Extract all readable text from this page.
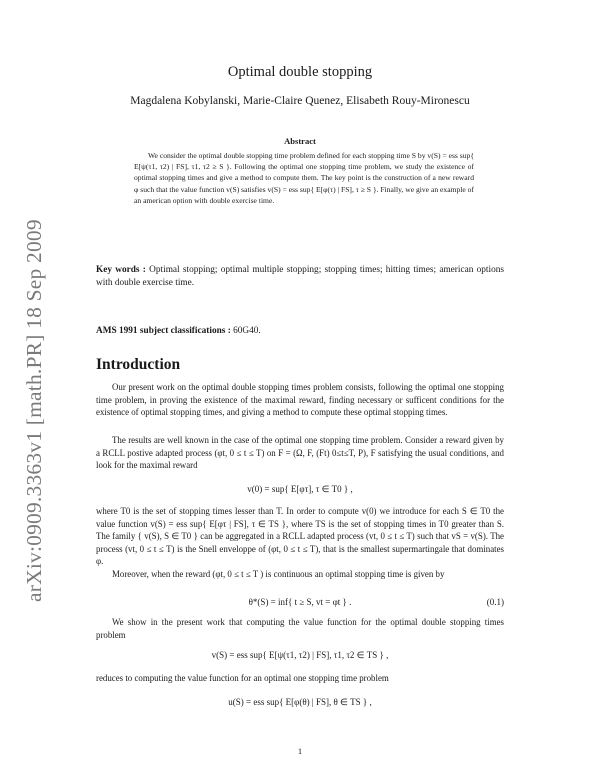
arXiv:0909.3363v1 [math.PR] 18 Sep 2009
Optimal double stopping
Magdalena Kobylanski, Marie-Claire Quenez, Elisabeth Rouy-Mironescu
Abstract

We consider the optimal double stopping time problem defined for each stopping time S by v(S) = ess sup{ E[ψ(τ1, τ2) | FS], τ1, τ2 ≥ S }. Following the optimal one stopping time problem, we study the existence of optimal stopping times and give a method to compute them. The key point is the construction of a new reward φ such that the value function v(S) satisfies v(S) = ess sup{ E[φ(τ) | FS], τ ≥ S }. Finally, we give an example of an american option with double exercise time.

Key words : Optimal stopping; optimal multiple stopping; stopping times; hitting times; american options with double exercise time.
AMS 1991 subject classifications : 60G40.
Introduction

Our present work on the optimal double stopping times problem consists, following the optimal one stopping time problem, in proving the existence of the maximal reward, finding necessary or sufficent conditions for the existence of optimal stopping times, and giving a method to compute these optimal stopping times.

The results are well known in the case of the optimal one stopping time problem. Consider a reward given by a RCLL postive adapted process (φt, 0 ≤ t ≤ T) on F = (Ω, F, (Ft) 0≤t≤T, P), F satisfying the usual conditions, and look for the maximal reward

v(0) = sup{ E[φτ], τ ∈ T0 } ,

where T0 is the set of stopping times lesser than T. In order to compute v(0) we introduce for each S ∈ T0 the value function v(S) = ess sup{ E[φτ | FS], τ ∈ TS }, where TS is the set of stopping times in T0 greater than S. The family { v(S), S ∈ T0 } can be aggregated in a RCLL adapted process (vt, 0 ≤ t ≤ T) such that vS = v(S). The process (vt, 0 ≤ t ≤ T) is the Snell enveloppe of (φt, 0 ≤ t ≤ T), that is the smallest supermartingale that dominates φ.

Moreover, when the reward (φt, 0 ≤ t ≤ T ) is continuous an optimal stopping time is given by

θ*(S) = inf{ t ≥ S, vt = φt } .	(0.1)

We show in the present work that computing the value function for the optimal double stopping times problem

v(S) = ess sup{ E[ψ(τ1, τ2) | FS], τ1, τ2 ∈ TS } ,

reduces to computing the value function for an optimal one stopping time problem

u(S) = ess sup{ E[φ(θ) | FS], θ ∈ TS } ,
1
